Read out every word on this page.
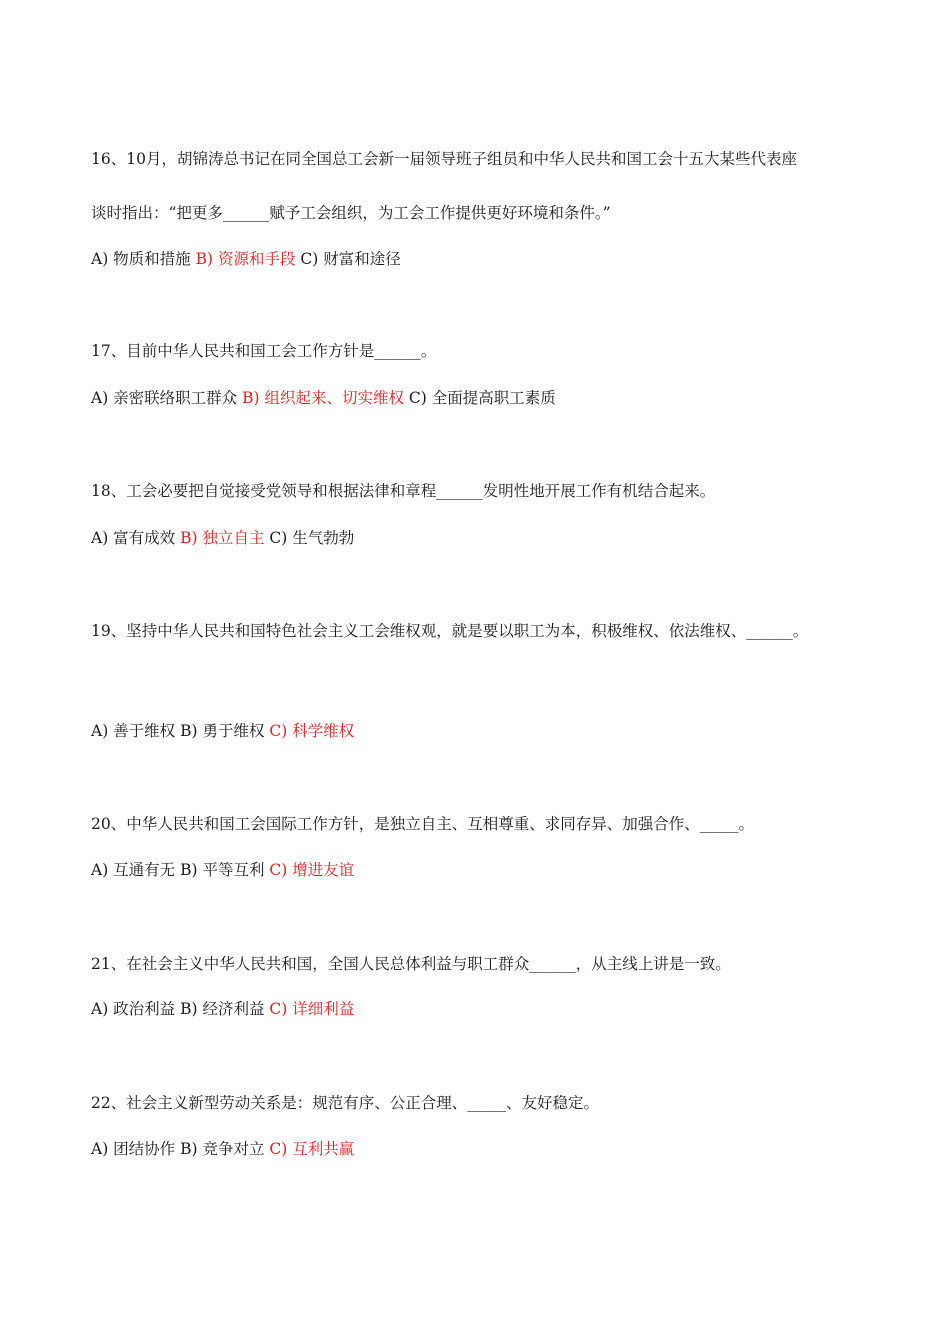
16、10月，胡锦涛总书记在同全国总工会新一届领导班子组员和中华人民共和国工会十五大某些代表座
谈时指出：“把更多______赋予工会组织，为工会工作提供更好环境和条件。”
A) 物质和措施 B) 资源和手段 C) 财富和途径
17、目前中华人民共和国工会工作方针是______。
A) 亲密联络职工群众 B) 组织起来、切实维权 C) 全面提高职工素质
18、工会必要把自觉接受党领导和根据法律和章程______发明性地开展工作有机结合起来。
A) 富有成效 B) 独立自主 C) 生气勃勃
19、坚持中华人民共和国特色社会主义工会维权观，就是要以职工为本，积极维权、依法维权、______。
A) 善于维权 B) 勇于维权 C) 科学维权
20、中华人民共和国工会国际工作方针，是独立自主、互相尊重、求同存异、加强合作、_____。
A) 互通有无 B) 平等互利 C) 增进友谊
21、在社会主义中华人民共和国，全国人民总体利益与职工群众______，从主线上讲是一致。
A) 政治利益 B) 经济利益 C) 详细利益
22、社会主义新型劳动关系是：规范有序、公正合理、_____、友好稳定。
A) 团结协作 B) 竞争对立 C) 互利共赢
